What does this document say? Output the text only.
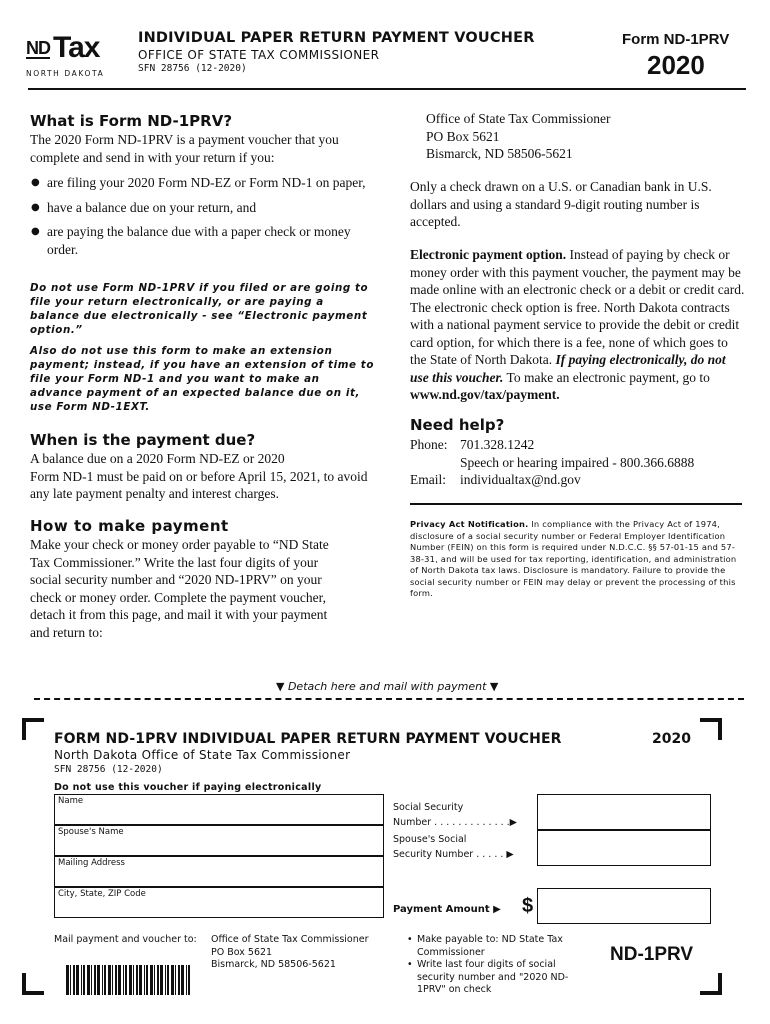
ND Tax
NORTH DAKOTA
INDIVIDUAL PAPER RETURN PAYMENT VOUCHER
OFFICE OF STATE TAX COMMISSIONER
SFN 28756 (12-2020)
Form ND-1PRV
2020
What is Form ND-1PRV?
The 2020 Form ND-1PRV is a payment voucher that you complete and send in with your return if you:
● are filing your 2020 Form ND-EZ or Form ND-1 on paper,
● have a balance due on your return, and
● are paying the balance due with a paper check or money order.
Do not use Form ND-1PRV if you filed or are going to file your return electronically, or are paying a balance due electronically - see “Electronic payment option.”
Also do not use this form to make an extension payment; instead, if you have an extension of time to file your Form ND-1 and you want to make an advance payment of an expected balance due on it, use Form ND-1EXT.
When is the payment due?
A balance due on a 2020 Form ND-EZ or 2020
Form ND-1 must be paid on or before April 15, 2021, to avoid any late payment penalty and interest charges.
How to make payment
Make your check or money order payable to “ND State Tax Commissioner.” Write the last four digits of your social security number and “2020 ND-1PRV” on your check or money order. Complete the payment voucher, detach it from this page, and mail it with your payment and return to:
Office of State Tax Commissioner
PO Box 5621
Bismarck, ND 58506-5621
Only a check drawn on a U.S. or Canadian bank in U.S. dollars and using a standard 9-digit routing number is accepted.
Electronic payment option. Instead of paying by check or money order with this payment voucher, the payment may be made online with an electronic check or a debit or credit card. The electronic check option is free. North Dakota contracts with a national payment service to provide the debit or credit card option, for which there is a fee, none of which goes to the State of North Dakota. If paying electronically, do not use this voucher. To make an electronic payment, go to www.nd.gov/tax/payment.
Need help?
Phone: 701.328.1242
Speech or hearing impaired - 800.366.6888
Email: individualtax@nd.gov
Privacy Act Notification. In compliance with the Privacy Act of 1974, disclosure of a social security number or Federal Employer Identification Number (FEIN) on this form is required under N.D.C.C. §§ 57-01-15 and 57-38-31, and will be used for tax reporting, identification, and administration of North Dakota tax laws. Disclosure is mandatory. Failure to provide the social security number or FEIN may delay or prevent the processing of this form.
▼ Detach here and mail with payment ▼
FORM ND-1PRV INDIVIDUAL PAPER RETURN PAYMENT VOUCHER	2020
North Dakota Office of State Tax Commissioner
SFN 28756 (12-2020)
Do not use this voucher if paying electronically
Name
Spouse's Name
Mailing Address
City, State, ZIP Code
Social Security
Number . . . . . . . . . . . . .▶
Spouse's Social
Security Number . . . . . ▶
Payment Amount ▶ $
Mail payment and voucher to: Office of State Tax Commissioner
PO Box 5621
Bismarck, ND 58506-5621
• Make payable to: ND State Tax Commissioner
• Write last four digits of social security number and "2020 ND-1PRV" on check
ND-1PRV
